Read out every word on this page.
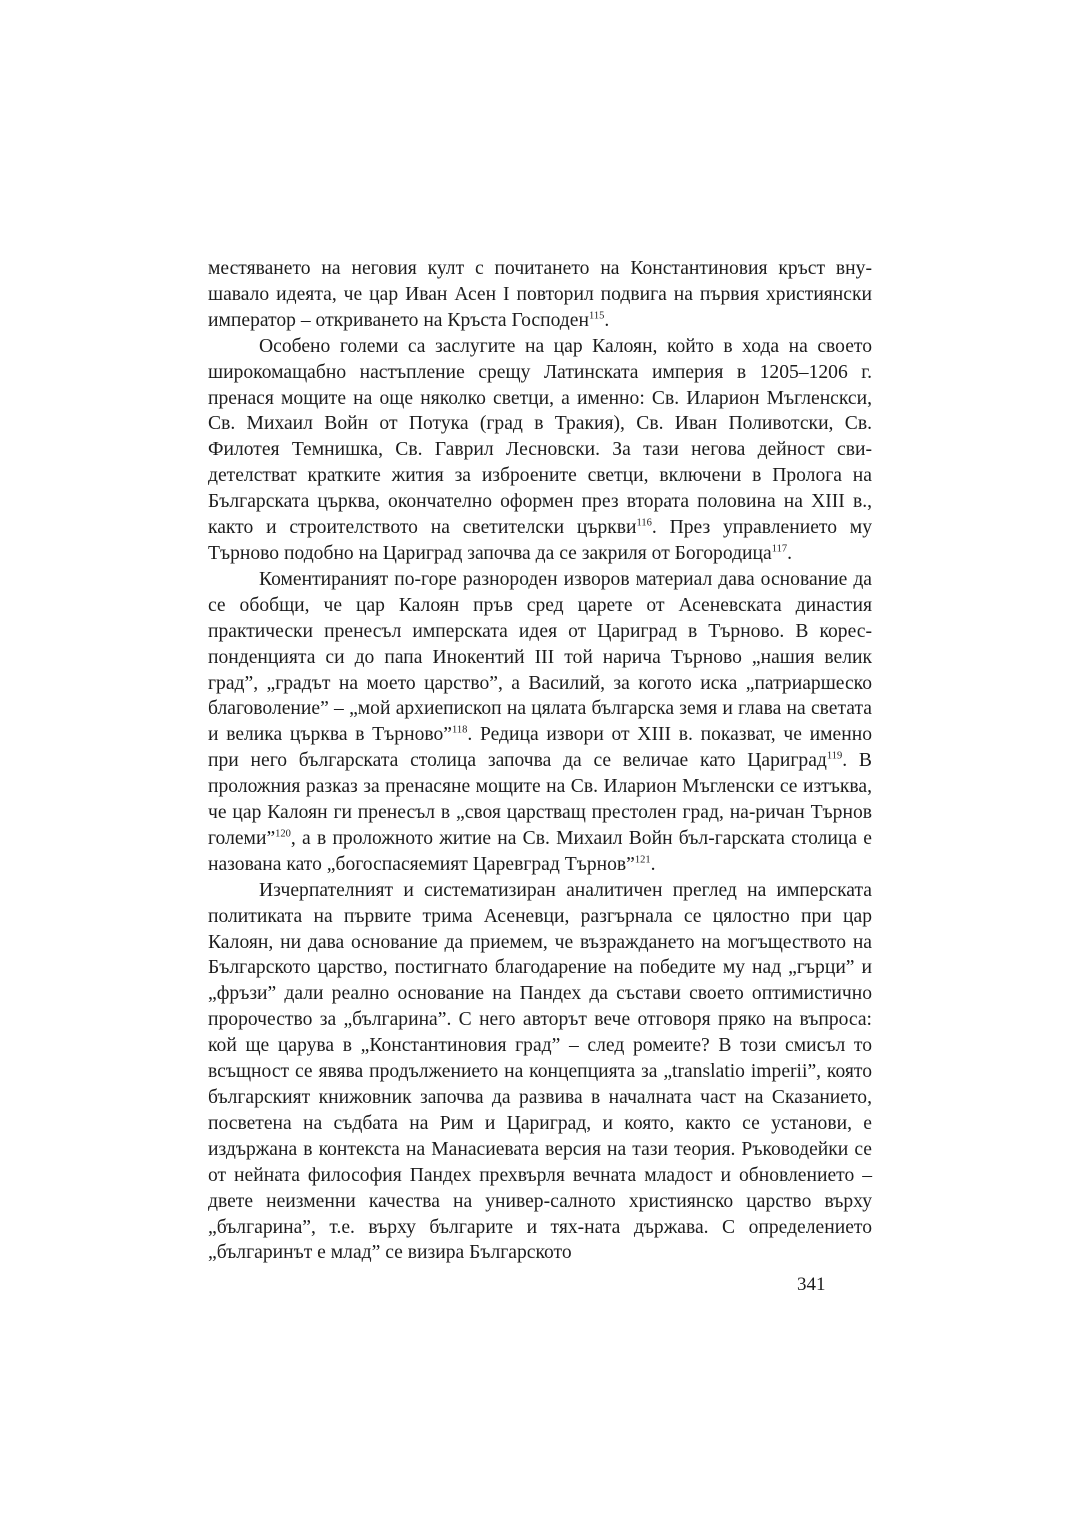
местяването на неговия култ с почитането на Константиновия кръст вну-шавало идеята, че цар Иван Асен I повторил подвига на първия християнски император – откриването на Кръста Господен$^{115}$.

Особено големи са заслугите на цар Калоян, който в хода на своето широкомащабно настъпление срещу Латинската империя в 1205–1206 г. пренася мощите на още няколко светци, а именно: Св. Иларион Мъгленскси, Св. Михаил Войн от Потука (град в Тракия), Св. Иван Поливотски, Св. Филотея Темнишка, Св. Гаврил Лесновски. За тази негова дейност сви-детелстват кратките жития за изброените светци, включени в Пролога на Българската църква, окончателно оформен през втората половина на XIII в., както и строителството на светителски църкви$^{116}$. През управлението му Търново подобно на Цариград започва да се закриля от Богородица$^{117}$.

Коментираният по-горе разнороден изворов материал дава основание да се обобщи, че цар Калоян пръв сред царете от Асеневската династия практически пренесъл имперската идея от Цариград в Търново. В корес-понденцията си до папа Инокентий III той нарича Търново „нашия велик град”, „градът на моето царство”, а Василий, за когото иска „патриаршеско благоволение” – „мой архиепископ на цялата българска земя и глава на светата и велика църква в Търново”$^{118}$. Редица извори от XIII в. показват, че именно при него българската столица започва да се величае като Цариград$^{119}$. В проложния разказ за пренасяне мощите на Св. Иларион Мъгленски се изтъква, че цар Калоян ги пренесъл в „своя царстващ престолен град, на-ричан Търнов големи”$^{120}$, а в проложното житие на Св. Михаил Войн бъл-гарската столица е назована като „богоспасяемият Царевград Търнов”$^{121}$.

Изчерпателният и систематизиран аналитичен преглед на имперската политиката на първите трима Асеневци, разгърнала се цялостно при цар Калоян, ни дава основание да приемем, че възраждането на могъществото на Българското царство, постигнато благодарение на победите му над „гърци” и „фръзи” дали реално основание на Пандех да състави своето оптимистично пророчество за „българина”. С него авторът вече отговоря пряко на въпроса: кой ще царува в „Константиновия град” – след ромеите? В този смисъл то всъщност се явява продължението на концепцията за „translatio imperii”, която българският книжовник започва да развива в началната част на Сказанието, посветена на съдбата на Рим и Цариград, и която, както се установи, е издържана в контекста на Манасиевата версия на тази теория. Ръководейки се от нейната философия Пандех прехвърля вечната младост и обновлението – двете неизменни качества на универ-салното християнско царство върху „българина”, т.е. върху българите и тях-ната държава. С определението „българинът е млад” се визира Българското

341
